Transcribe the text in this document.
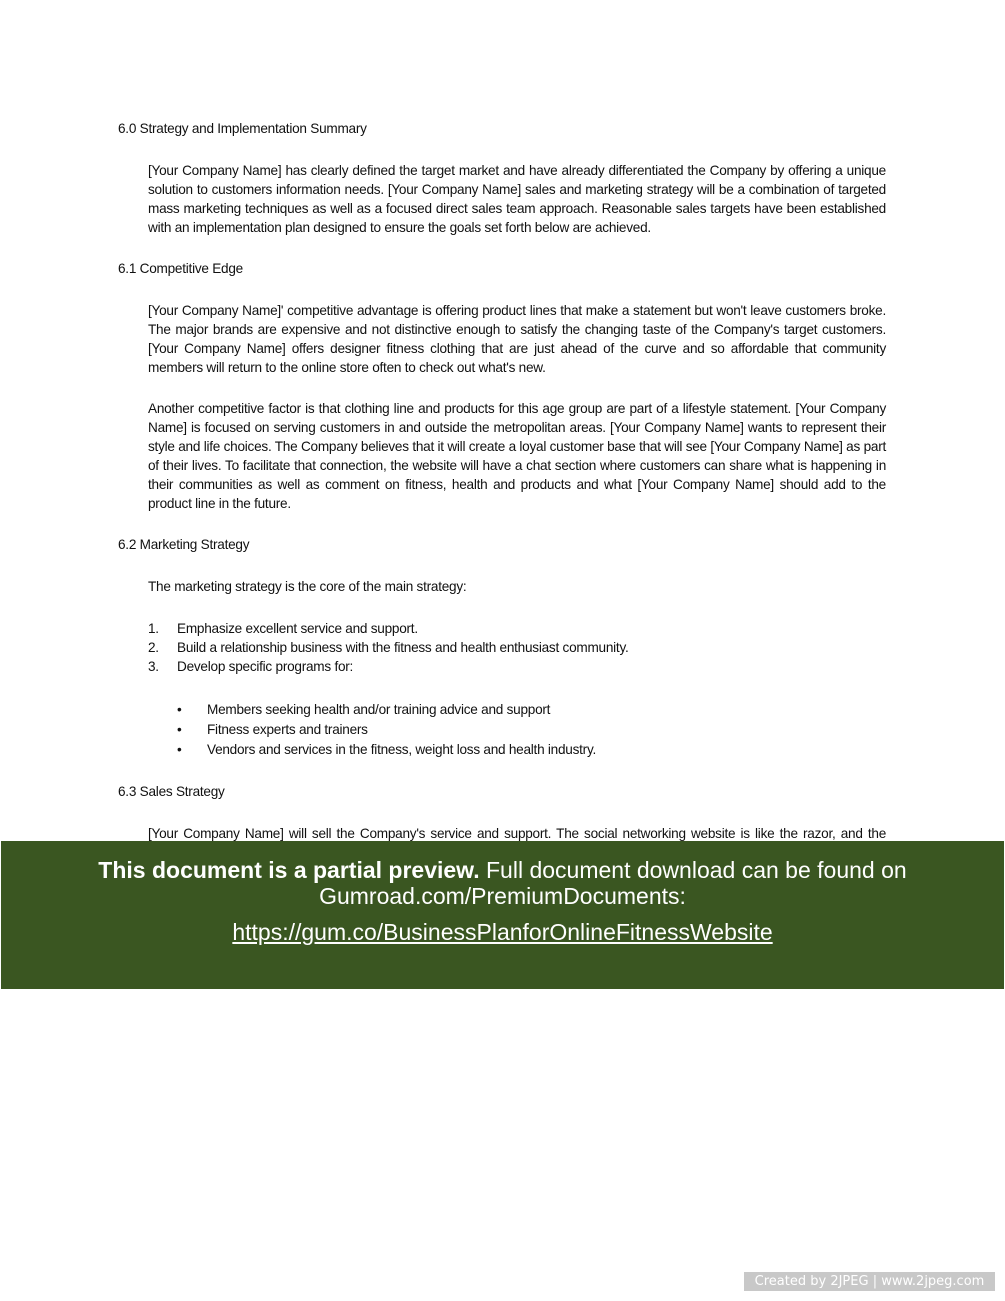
6.0 Strategy and Implementation Summary
[Your Company Name] has clearly defined the target market and have already differentiated the Company by offering a unique solution to customers information needs. [Your Company Name] sales and marketing strategy will be a combination of targeted mass marketing techniques as well as a focused direct sales team approach. Reasonable sales targets have been established with an implementation plan designed to ensure the goals set forth below are achieved.
6.1 Competitive Edge
[Your Company Name]' competitive advantage is offering product lines that make a statement but won't leave customers broke. The major brands are expensive and not distinctive enough to satisfy the changing taste of the Company's target customers. [Your Company Name] offers designer fitness clothing that are just ahead of the curve and so affordable that community members will return to the online store often to check out what's new.
Another competitive factor is that clothing line and products for this age group are part of a lifestyle statement. [Your Company Name] is focused on serving customers in and outside the metropolitan areas. [Your Company Name] wants to represent their style and life choices. The Company believes that it will create a loyal customer base that will see [Your Company Name] as part of their lives. To facilitate that connection, the website will have a chat section where customers can share what is happening in their communities as well as comment on fitness, health and products and what [Your Company Name] should add to the product line in the future.
6.2 Marketing Strategy
The marketing strategy is the core of the main strategy:
1. Emphasize excellent service and support.
2. Build a relationship business with the fitness and health enthusiast community.
3. Develop specific programs for:
• Members seeking health and/or training advice and support
• Fitness experts and trainers
• Vendors and services in the fitness, weight loss and health industry.
6.3 Sales Strategy
[Your Company Name] will sell the Company's service and support. The social networking website is like the razor, and the
This document is a partial preview. Full document download can be found on Gumroad.com/PremiumDocuments:
https://gum.co/BusinessPlanforOnlineFitnessWebsite
Created by 2JPEG | www.2jpeg.com
